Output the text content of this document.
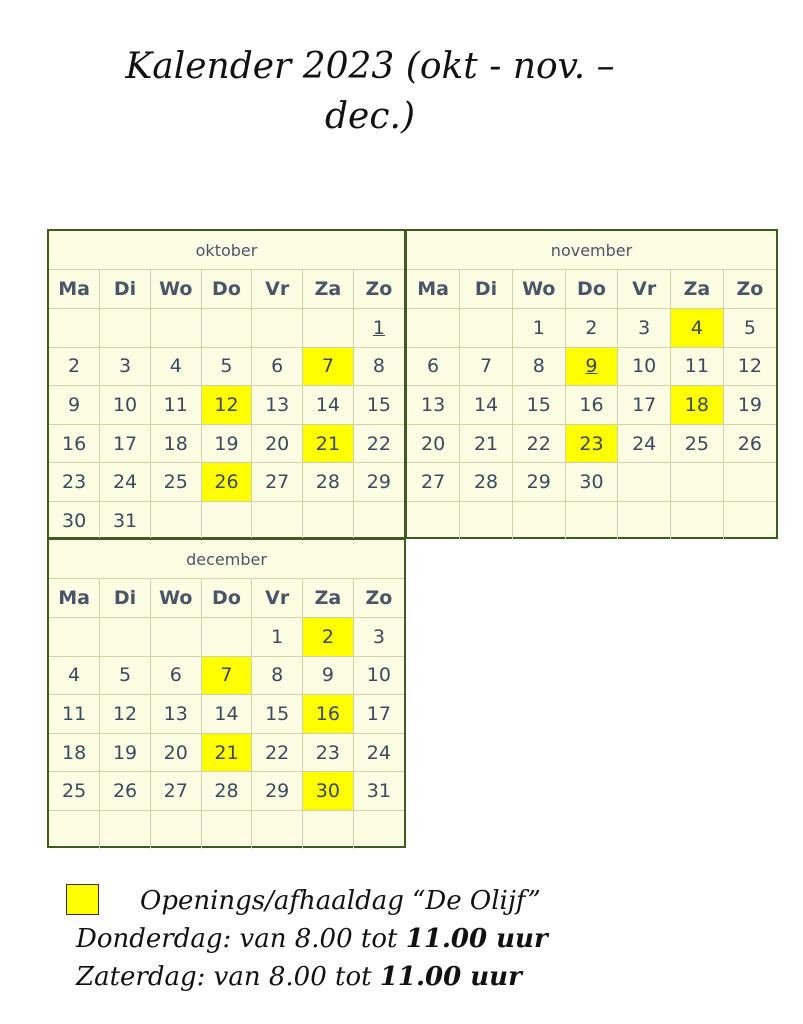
Kalender 2023 (okt - nov. –
dec.)
oktober
Ma	Di	Wo	Do	Vr	Za	Zo
						1
2	3	4	5	6	7	8
9	10	11	12	13	14	15
16	17	18	19	20	21	22
23	24	25	26	27	28	29
30	31					
november
Ma	Di	Wo	Do	Vr	Za	Zo
		1	2	3	4	5
6	7	8	9	10	11	12
13	14	15	16	17	18	19
20	21	22	23	24	25	26
27	28	29	30			

december
Ma	Di	Wo	Do	Vr	Za	Zo
				1	2	3
4	5	6	7	8	9	10
11	12	13	14	15	16	17
18	19	20	21	22	23	24
25	26	27	28	29	30	31

Openings/afhaaldag “De Olijf”

Donderdag: van 8.00 tot 11.00 uur

Zaterdag: van 8.00 tot 11.00 uur
